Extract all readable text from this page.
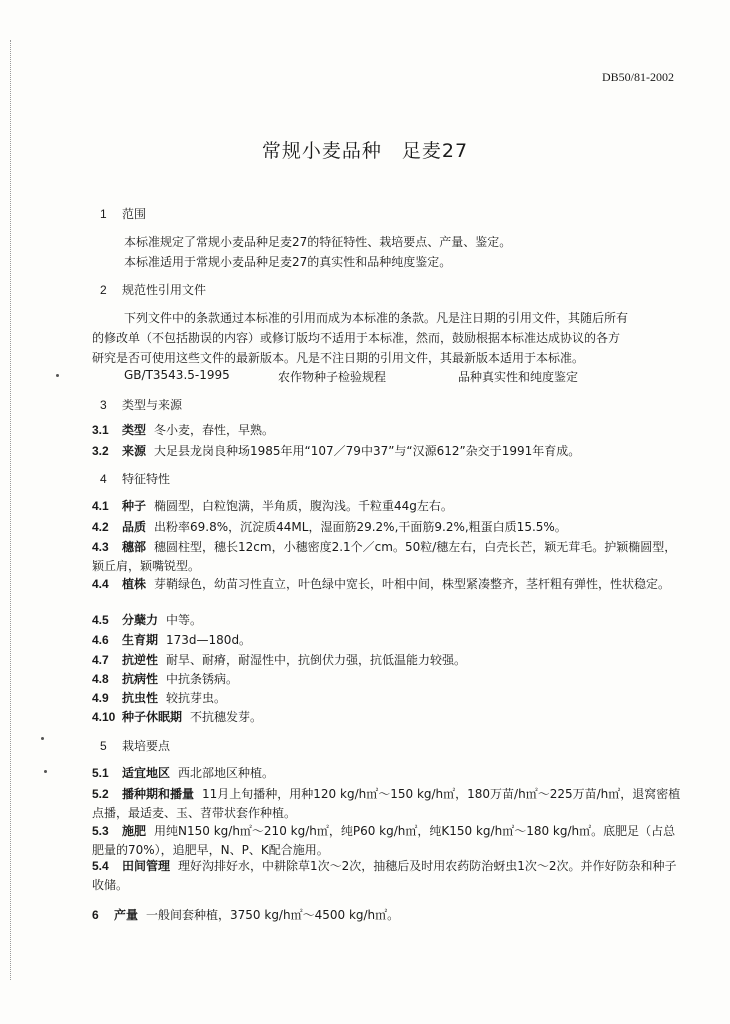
DB50/81-2002
常规小麦品种　足麦27
1 范围
本标准规定了常规小麦品种足麦27的特征特性、栽培要点、产量、鉴定。
本标准适用于常规小麦品种足麦27的真实性和品种纯度鉴定。
2 规范性引用文件
下列文件中的条款通过本标准的引用而成为本标准的条款。凡是注日期的引用文件，其随后所有
的修改单（不包括勘误的内容）或修订版均不适用于本标准，然而，鼓励根据本标准达成协议的各方
研究是否可使用这些文件的最新版本。凡是不注日期的引用文件，其最新版本适用于本标准。
GB/T3543.5-1995	农作物种子检验规程	品种真实性和纯度鉴定
3 类型与来源
3.1 类型 冬小麦，春性，早熟。
3.2 来源 大足县龙岗良种场1985年用“107／79中37”与“汉源612”杂交于1991年育成。
4 特征特性
4.1 种子 椭圆型，白粒饱满，半角质，腹沟浅。千粒重44g左右。
4.2 品质 出粉率69.8%，沉淀质44ML，湿面筋29.2%,干面筋9.2%,粗蛋白质15.5%。
4.3 穗部 穗圆柱型，穗长12cm，小穗密度2.1个／cm。50粒/穗左右，白壳长芒，颖无茸毛。护颖椭圆型，颖丘肩，颖嘴锐型。
4.4 植株 芽鞘绿色，幼苗习性直立，叶色绿中宽长，叶相中间，株型紧凑整齐，茎杆粗有弹性，性状稳定。
4.5 分蘖力 中等。
4.6 生育期 173d—180d。
4.7 抗逆性 耐旱、耐瘠，耐湿性中，抗倒伏力强，抗低温能力较强。
4.8 抗病性 中抗条锈病。
4.9 抗虫性 较抗芽虫。
4.10 种子休眠期 不抗穗发芽。
5 栽培要点
5.1 适宜地区 西北部地区种植。
5.2 播种期和播量 11月上旬播种，用种120 kg/h㎡～150 kg/h㎡，180万苗/h㎡～225万苗/h㎡，退窝密植点播，最适麦、玉、苕带状套作种植。
5.3 施肥 用纯N150 kg/h㎡～210 kg/h㎡，纯P60 kg/h㎡，纯K150 kg/h㎡～180 kg/h㎡。底肥足（占总肥量的70%），追肥早，N、P、K配合施用。
5.4 田间管理 理好沟排好水，中耕除草1次～2次，抽穗后及时用农药防治蚜虫1次～2次。并作好防杂和种子收储。
6 产量 一般间套种植，3750 kg/h㎡～4500 kg/h㎡。
